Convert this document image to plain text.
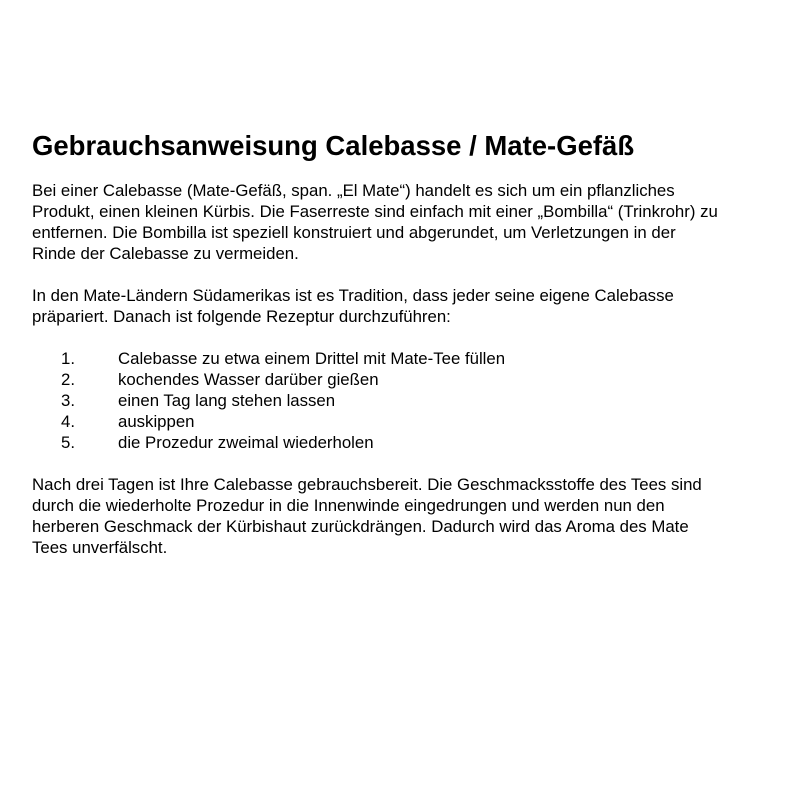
Gebrauchsanweisung Calebasse / Mate-Gefäß

Bei einer Calebasse (Mate-Gefäß, span. „El Mate“) handelt es sich um ein pflanzliches
Produkt, einen kleinen Kürbis. Die Faserreste sind einfach mit einer „Bombilla“ (Trinkrohr) zu
entfernen. Die Bombilla ist speziell konstruiert und abgerundet, um Verletzungen in der
Rinde der Calebasse zu vermeiden.

In den Mate-Ländern Südamerikas ist es Tradition, dass jeder seine eigene Calebasse
präpariert. Danach ist folgende Rezeptur durchzuführen:

1.	Calebasse zu etwa einem Drittel mit Mate-Tee füllen
2.	kochendes Wasser darüber gießen
3.	einen Tag lang stehen lassen
4.	auskippen
5.	die Prozedur zweimal wiederholen

Nach drei Tagen ist Ihre Calebasse gebrauchsbereit. Die Geschmacksstoffe des Tees sind
durch die wiederholte Prozedur in die Innenwinde eingedrungen und werden nun den
herberen Geschmack der Kürbishaut zurückdrängen. Dadurch wird das Aroma des Mate
Tees unverfälscht.
